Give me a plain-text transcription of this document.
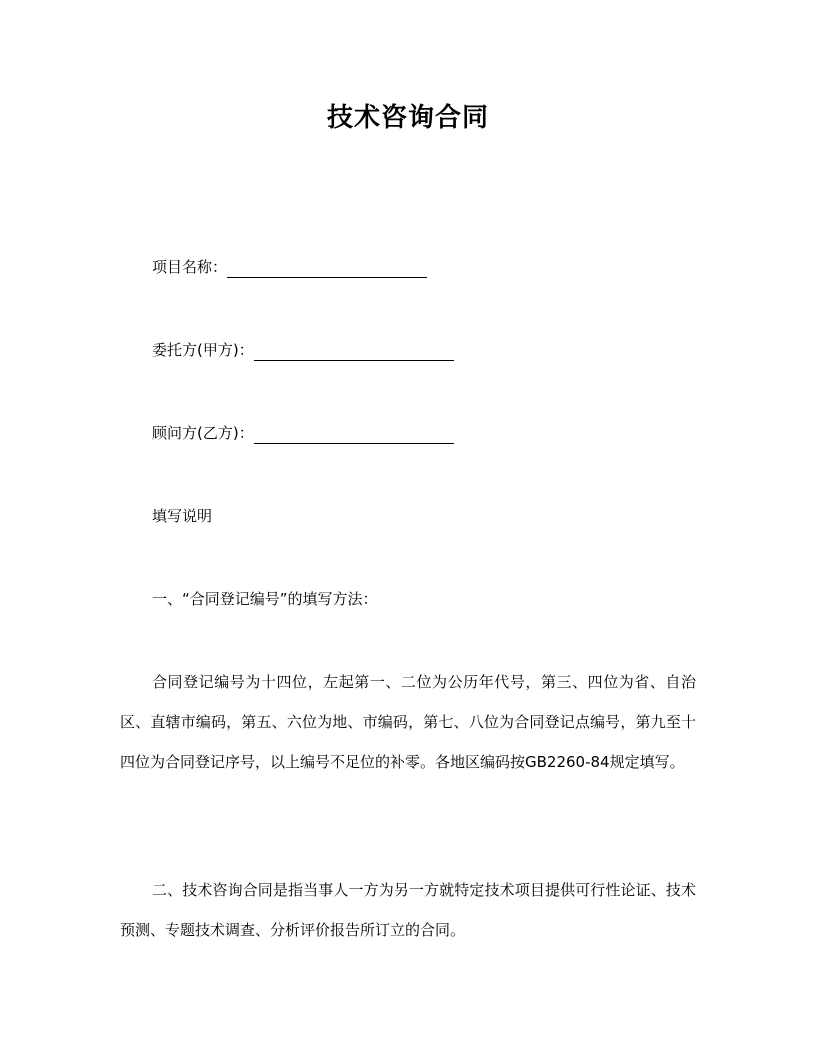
技术咨询合同
项目名称：
委托方(甲方)：
顾问方(乙方)：
填写说明
一、“合同登记编号”的填写方法：
合同登记编号为十四位，左起第一、二位为公历年代号，第三、四位为省、自治区、直辖市编码，第五、六位为地、市编码，第七、八位为合同登记点编号，第九至十四位为合同登记序号，以上编号不足位的补零。各地区编码按GB2260-84规定填写。
二、技术咨询合同是指当事人一方为另一方就特定技术项目提供可行性论证、技术预测、专题技术调查、分析评价报告所订立的合同。
